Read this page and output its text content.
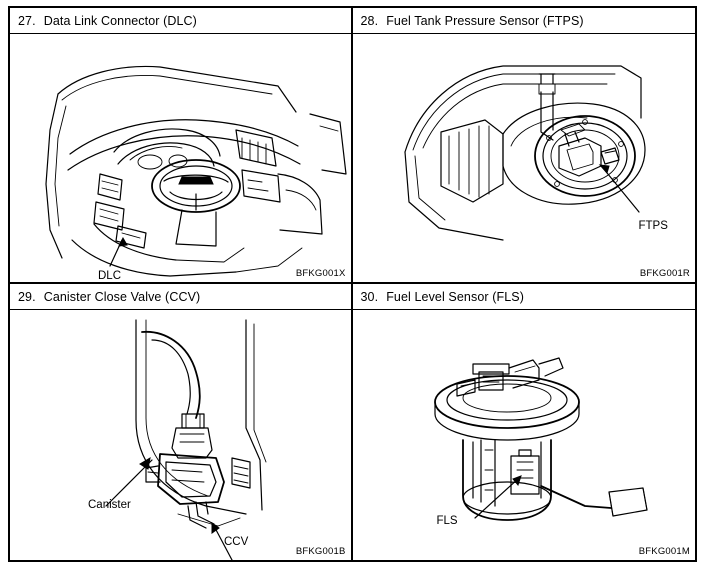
27. Data Link Connector (DLC)
DLC	BFKG001X
28. Fuel Tank Pressure Sensor (FTPS)
FTPS
BFKG001R
29. Canister Close Valve (CCV)
Canister
CCV
BFKG001B
30. Fuel Level Sensor (FLS)
FLS
BFKG001M
